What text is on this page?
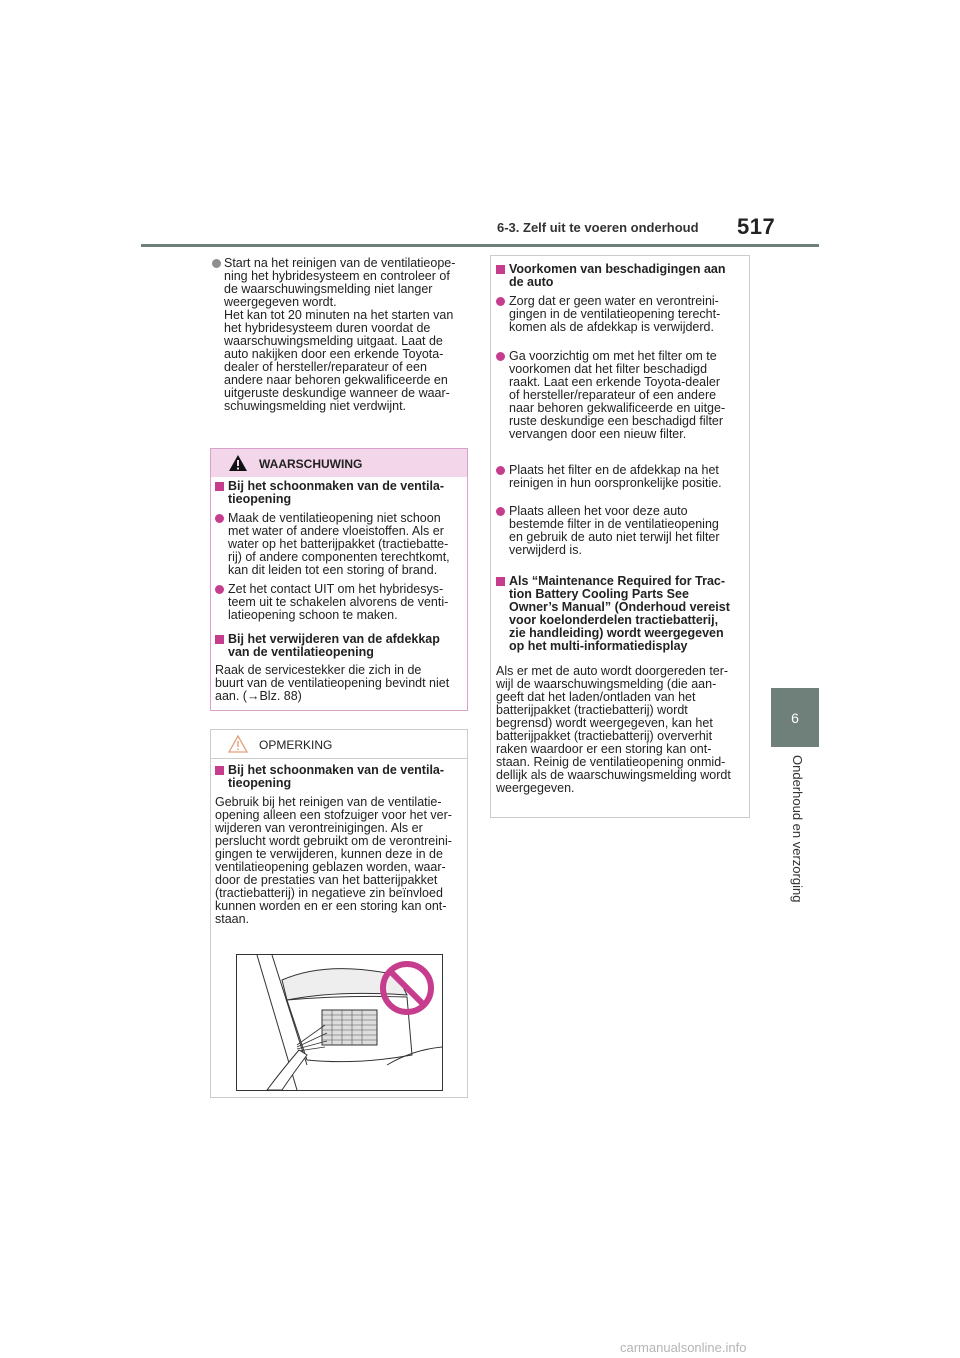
6-3. Zelf uit te voeren onderhoud 517
6
Onderhoud en verzorging
Start na het reinigen van de ventilatieope-
ning het hybridesysteem en controleer of
de waarschuwingsmelding niet langer
weergegeven wordt.
Het kan tot 20 minuten na het starten van
het hybridesysteem duren voordat de
waarschuwingsmelding uitgaat. Laat de
auto nakijken door een erkende Toyota-
dealer of hersteller/reparateur of een
andere naar behoren gekwalificeerde en
uitgeruste deskundige wanneer de waar-
schuwingsmelding niet verdwijnt.
WAARSCHUWING
Bij het schoonmaken van de ventila-
tieopening
Maak de ventilatieopening niet schoon
met water of andere vloeistoffen. Als er
water op het batterijpakket (tractiebatte-
rij) of andere componenten terechtkomt,
kan dit leiden tot een storing of brand.
Zet het contact UIT om het hybridesys-
teem uit te schakelen alvorens de venti-
latieopening schoon te maken.
Bij het verwijderen van de afdekkap
van de ventilatieopening
Raak de servicestekker die zich in de
buurt van de ventilatieopening bevindt niet
aan. (→Blz. 88)
OPMERKING
Bij het schoonmaken van de ventila-
tieopening
Gebruik bij het reinigen van de ventilatie-
opening alleen een stofzuiger voor het ver-
wijderen van verontreinigingen. Als er
perslucht wordt gebruikt om de verontreini-
gingen te verwijderen, kunnen deze in de
ventilatieopening geblazen worden, waar-
door de prestaties van het batterijpakket
(tractiebatterij) in negatieve zin beïnvloed
kunnen worden en er een storing kan ont-
staan.
Voorkomen van beschadigingen aan
de auto
Zorg dat er geen water en verontreini-
gingen in de ventilatieopening terecht-
komen als de afdekkap is verwijderd.
Ga voorzichtig om met het filter om te
voorkomen dat het filter beschadigd
raakt. Laat een erkende Toyota-dealer
of hersteller/reparateur of een andere
naar behoren gekwalificeerde en uitge-
ruste deskundige een beschadigd filter
vervangen door een nieuw filter.
Plaats het filter en de afdekkap na het
reinigen in hun oorspronkelijke positie.
Plaats alleen het voor deze auto
bestemde filter in de ventilatieopening
en gebruik de auto niet terwijl het filter
verwijderd is.
Als “Maintenance Required for Trac-
tion Battery Cooling Parts See
Owner’s Manual” (Onderhoud vereist
voor koelonderdelen tractiebatterij,
zie handleiding) wordt weergegeven
op het multi-informatiedisplay
Als er met de auto wordt doorgereden ter-
wijl de waarschuwingsmelding (die aan-
geeft dat het laden/ontladen van het
batterijpakket (tractiebatterij) wordt
begrensd) wordt weergegeven, kan het
batterijpakket (tractiebatterij) oververhit
raken waardoor er een storing kan ont-
staan. Reinig de ventilatieopening onmid-
dellijk als de waarschuwingsmelding wordt
weergegeven.
carmanualsonline.info
